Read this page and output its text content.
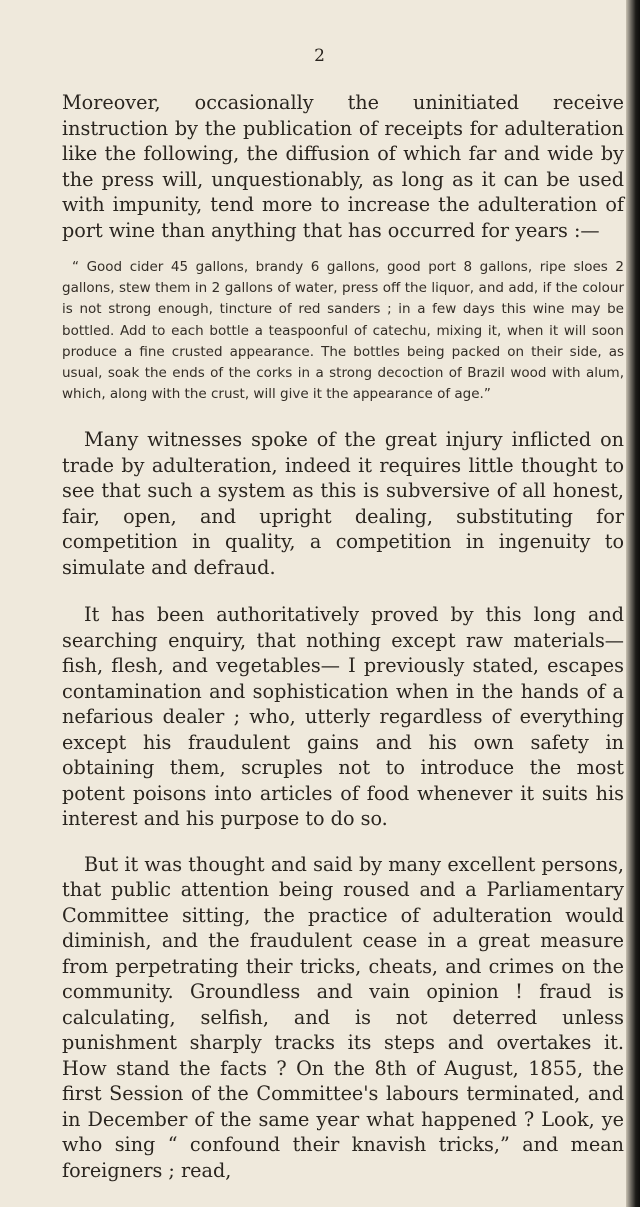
2

Moreover, occasionally the uninitiated receive instruction by the publication of receipts for adulteration like the following, the diffusion of which far and wide by the press will, unquestionably, as long as it can be used with impunity, tend more to increase the adulteration of port wine than anything that has occurred for years :—

“ Good cider 45 gallons, brandy 6 gallons, good port 8 gallons, ripe sloes 2 gallons, stew them in 2 gallons of water, press off the liquor, and add, if the colour is not strong enough, tincture of red sanders ; in a few days this wine may be bottled. Add to each bottle a teaspoonful of catechu, mixing it, when it will soon produce a fine crusted appearance. The bottles being packed on their side, as usual, soak the ends of the corks in a strong decoction of Brazil wood with alum, which, along with the crust, will give it the appearance of age.”

Many witnesses spoke of the great injury inflicted on trade by adulteration, indeed it requires little thought to see that such a system as this is subversive of all honest, fair, open, and upright dealing, substituting for competition in quality, a competition in ingenuity to simulate and defraud.

It has been authoritatively proved by this long and searching enquiry, that nothing except raw materials—fish, flesh, and vegetables— I previously stated, escapes contamination and sophistication when in the hands of a nefarious dealer ; who, utterly regardless of everything except his fraudulent gains and his own safety in obtaining them, scruples not to introduce the most potent poisons into articles of food whenever it suits his interest and his purpose to do so.

But it was thought and said by many excellent persons, that public attention being roused and a Parliamentary Committee sitting, the practice of adulteration would diminish, and the fraudulent cease in a great measure from perpetrating their tricks, cheats, and crimes on the community. Groundless and vain opinion ! fraud is calculating, selfish, and is not deterred unless punishment sharply tracks its steps and overtakes it. How stand the facts ? On the 8th of August, 1855, the first Session of the Committee's labours terminated, and in December of the same year what happened ? Look, ye who sing “ confound their knavish tricks,” and mean foreigners ; read,
